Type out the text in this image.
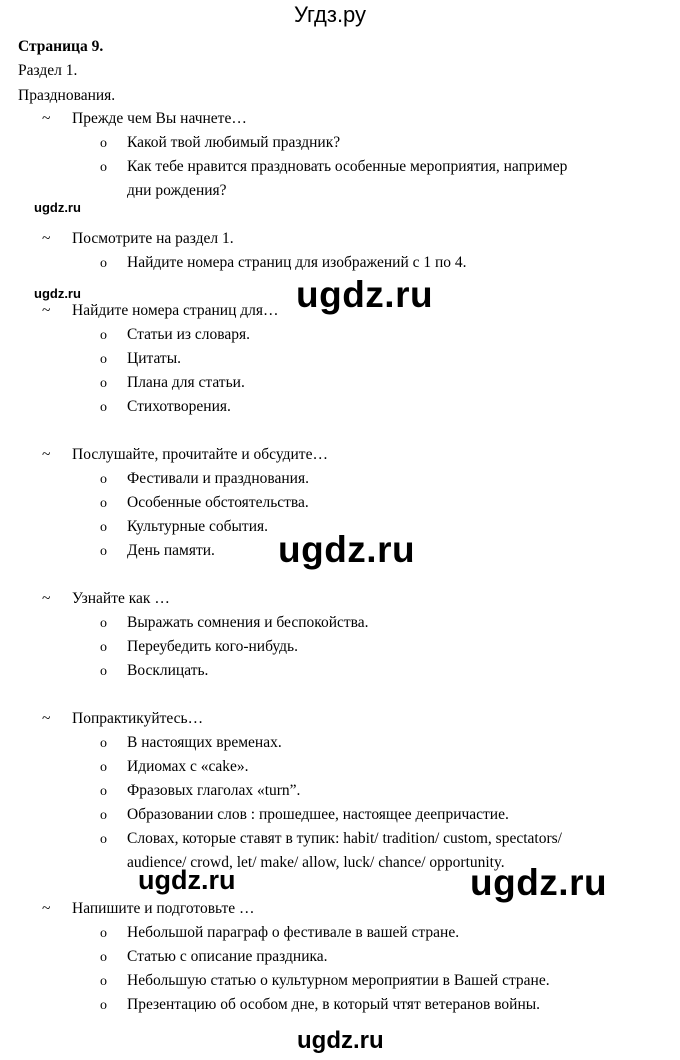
Угдз.ру
Страница 9.
Раздел 1.
Празднования.
~ Прежде чем Вы начнете…
o Какой твой любимый праздник?
o Как тебе нравится праздновать особенные мероприятия, например
дни рождения?
ugdz.ru
~ Посмотрите на раздел 1.
o Найдите номера страниц для изображений с 1 по 4.
ugdz.ru	ugdz.ru
~ Найдите номера страниц для…
o Статьи из словаря.
o Цитаты.
o Плана для статьи.
o Стихотворения.
~ Послушайте, прочитайте и обсудите…
o Фестивали и празднования.
o Особенные обстоятельства.
o Культурные события.
o День памяти. ugdz.ru
~ Узнайте как …
o Выражать сомнения и беспокойства.
o Переубедить кого-нибудь.
o Восклицать.
~ Попрактикуйтесь…
o В настоящих временах.
o Идиомах с «cake».
o Фразовых глаголах «turn”.
o Образовании слов : прошедшее, настоящее деепричастие.
o Словах, которые ставят в тупик: habit/ tradition/ custom, spectators/
audience/ crowd, let/ make/ allow, luck/ chance/ opportunity.
ugdz.ru	ugdz.ru
~ Напишите и подготовьте …
o Небольшой параграф о фестивале в вашей стране.
o Статью с описание праздника.
o Небольшую статью о культурном мероприятии в Вашей стране.
o Презентацию об особом дне, в который чтят ветеранов войны.
ugdz.ru
